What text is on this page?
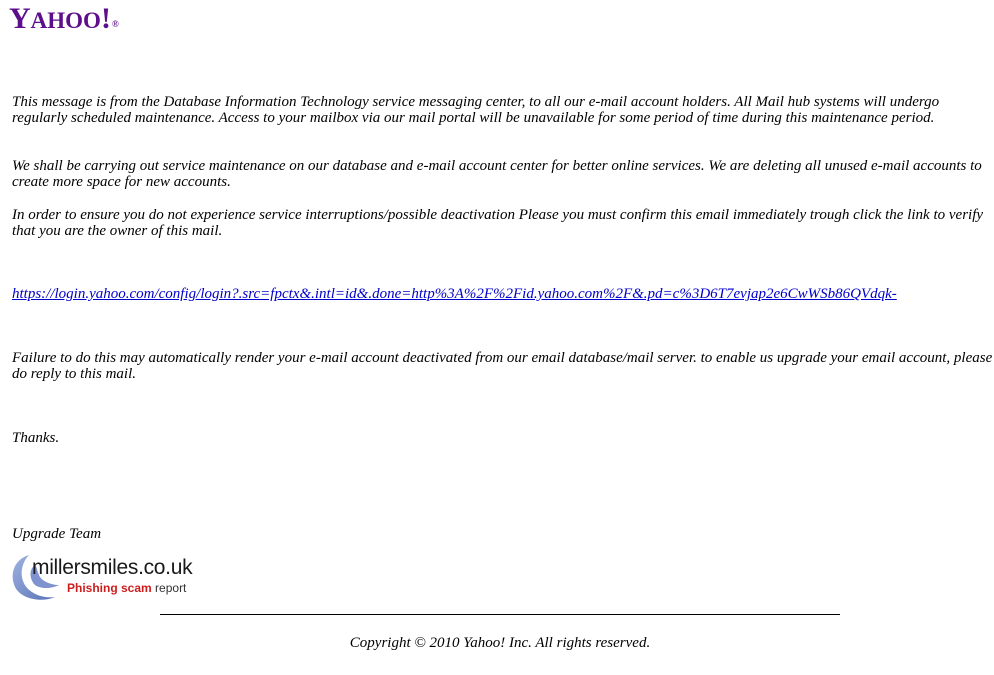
YAHOO!®

This message is from the Database Information Technology service messaging center, to all our e-mail account holders. All Mail hub systems will undergo regularly scheduled maintenance. Access to your mailbox via our mail portal will be unavailable for some period of time during this maintenance period.

We shall be carrying out service maintenance on our database and e-mail account center for better online services. We are deleting all unused e-mail accounts to create more space for new accounts.

In order to ensure you do not experience service interruptions/possible deactivation Please you must confirm this email immediately trough click the link to verify that you are the owner of this mail.

https://login.yahoo.com/config/login?.src=fpctx&.intl=id&.done=http%3A%2F%2Fid.yahoo.com%2F&.pd=c%3D6T7evjap2e6CwWSb86QVdqk-

Failure to do this may automatically render your e-mail account deactivated from our email database/mail server. to enable us upgrade your email account, please do reply to this mail.

Thanks.

Upgrade Team

millersmiles.co.uk
Phishing scam report
Copyright © 2010 Yahoo! Inc. All rights reserved.
